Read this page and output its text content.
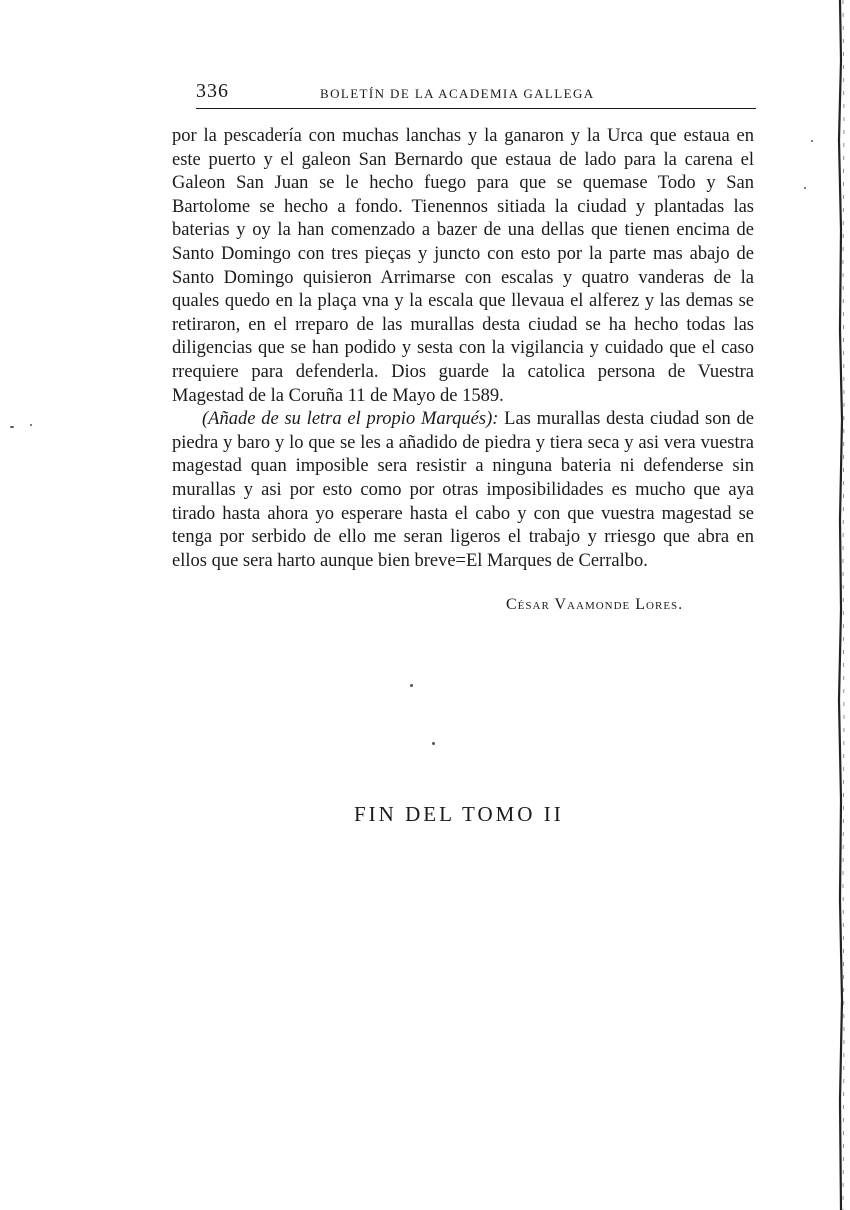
336	BOLETÍN DE LA ACADEMIA GALLEGA

por la pescadería con muchas lanchas y la ganaron y la Urca que estaua en este puerto y el galeon San Bernardo que estaua de lado para la carena el Galeon San Juan se le hecho fuego para que se quemase Todo y San Bartolome se hecho a fondo. Tienennos sitiada la ciudad y plantadas las baterias y oy la han comenzado a bazer de una dellas que tienen encima de Santo Domingo con tres pieças y juncto con esto por la parte mas abajo de Santo Domingo quisieron Arrimarse con escalas y quatro vanderas de la quales quedo en la plaça vna y la escala que llevaua el alferez y las demas se retiraron, en el rreparo de las murallas desta ciudad se ha hecho todas las diligencias que se han podido y sesta con la vigilancia y cuidado que el caso rrequiere para defenderla. Dios guarde la catolica persona de Vuestra Magestad de la Coruña 11 de Mayo de 1589.

(Añade de su letra el propio Marqués): Las murallas desta ciudad son de piedra y baro y lo que se les a añadido de piedra y tiera seca y asi vera vuestra magestad quan imposible sera resistir a ninguna bateria ni defenderse sin murallas y asi por esto como por otras imposibilidades es mucho que aya tirado hasta ahora yo esperare hasta el cabo y con que vuestra magestad se tenga por serbido de ello me seran ligeros el trabajo y rriesgo que abra en ellos que sera harto aunque bien breve=El Marques de Cerralbo.

César Vaamonde Lores.
FIN DEL TOMO II
